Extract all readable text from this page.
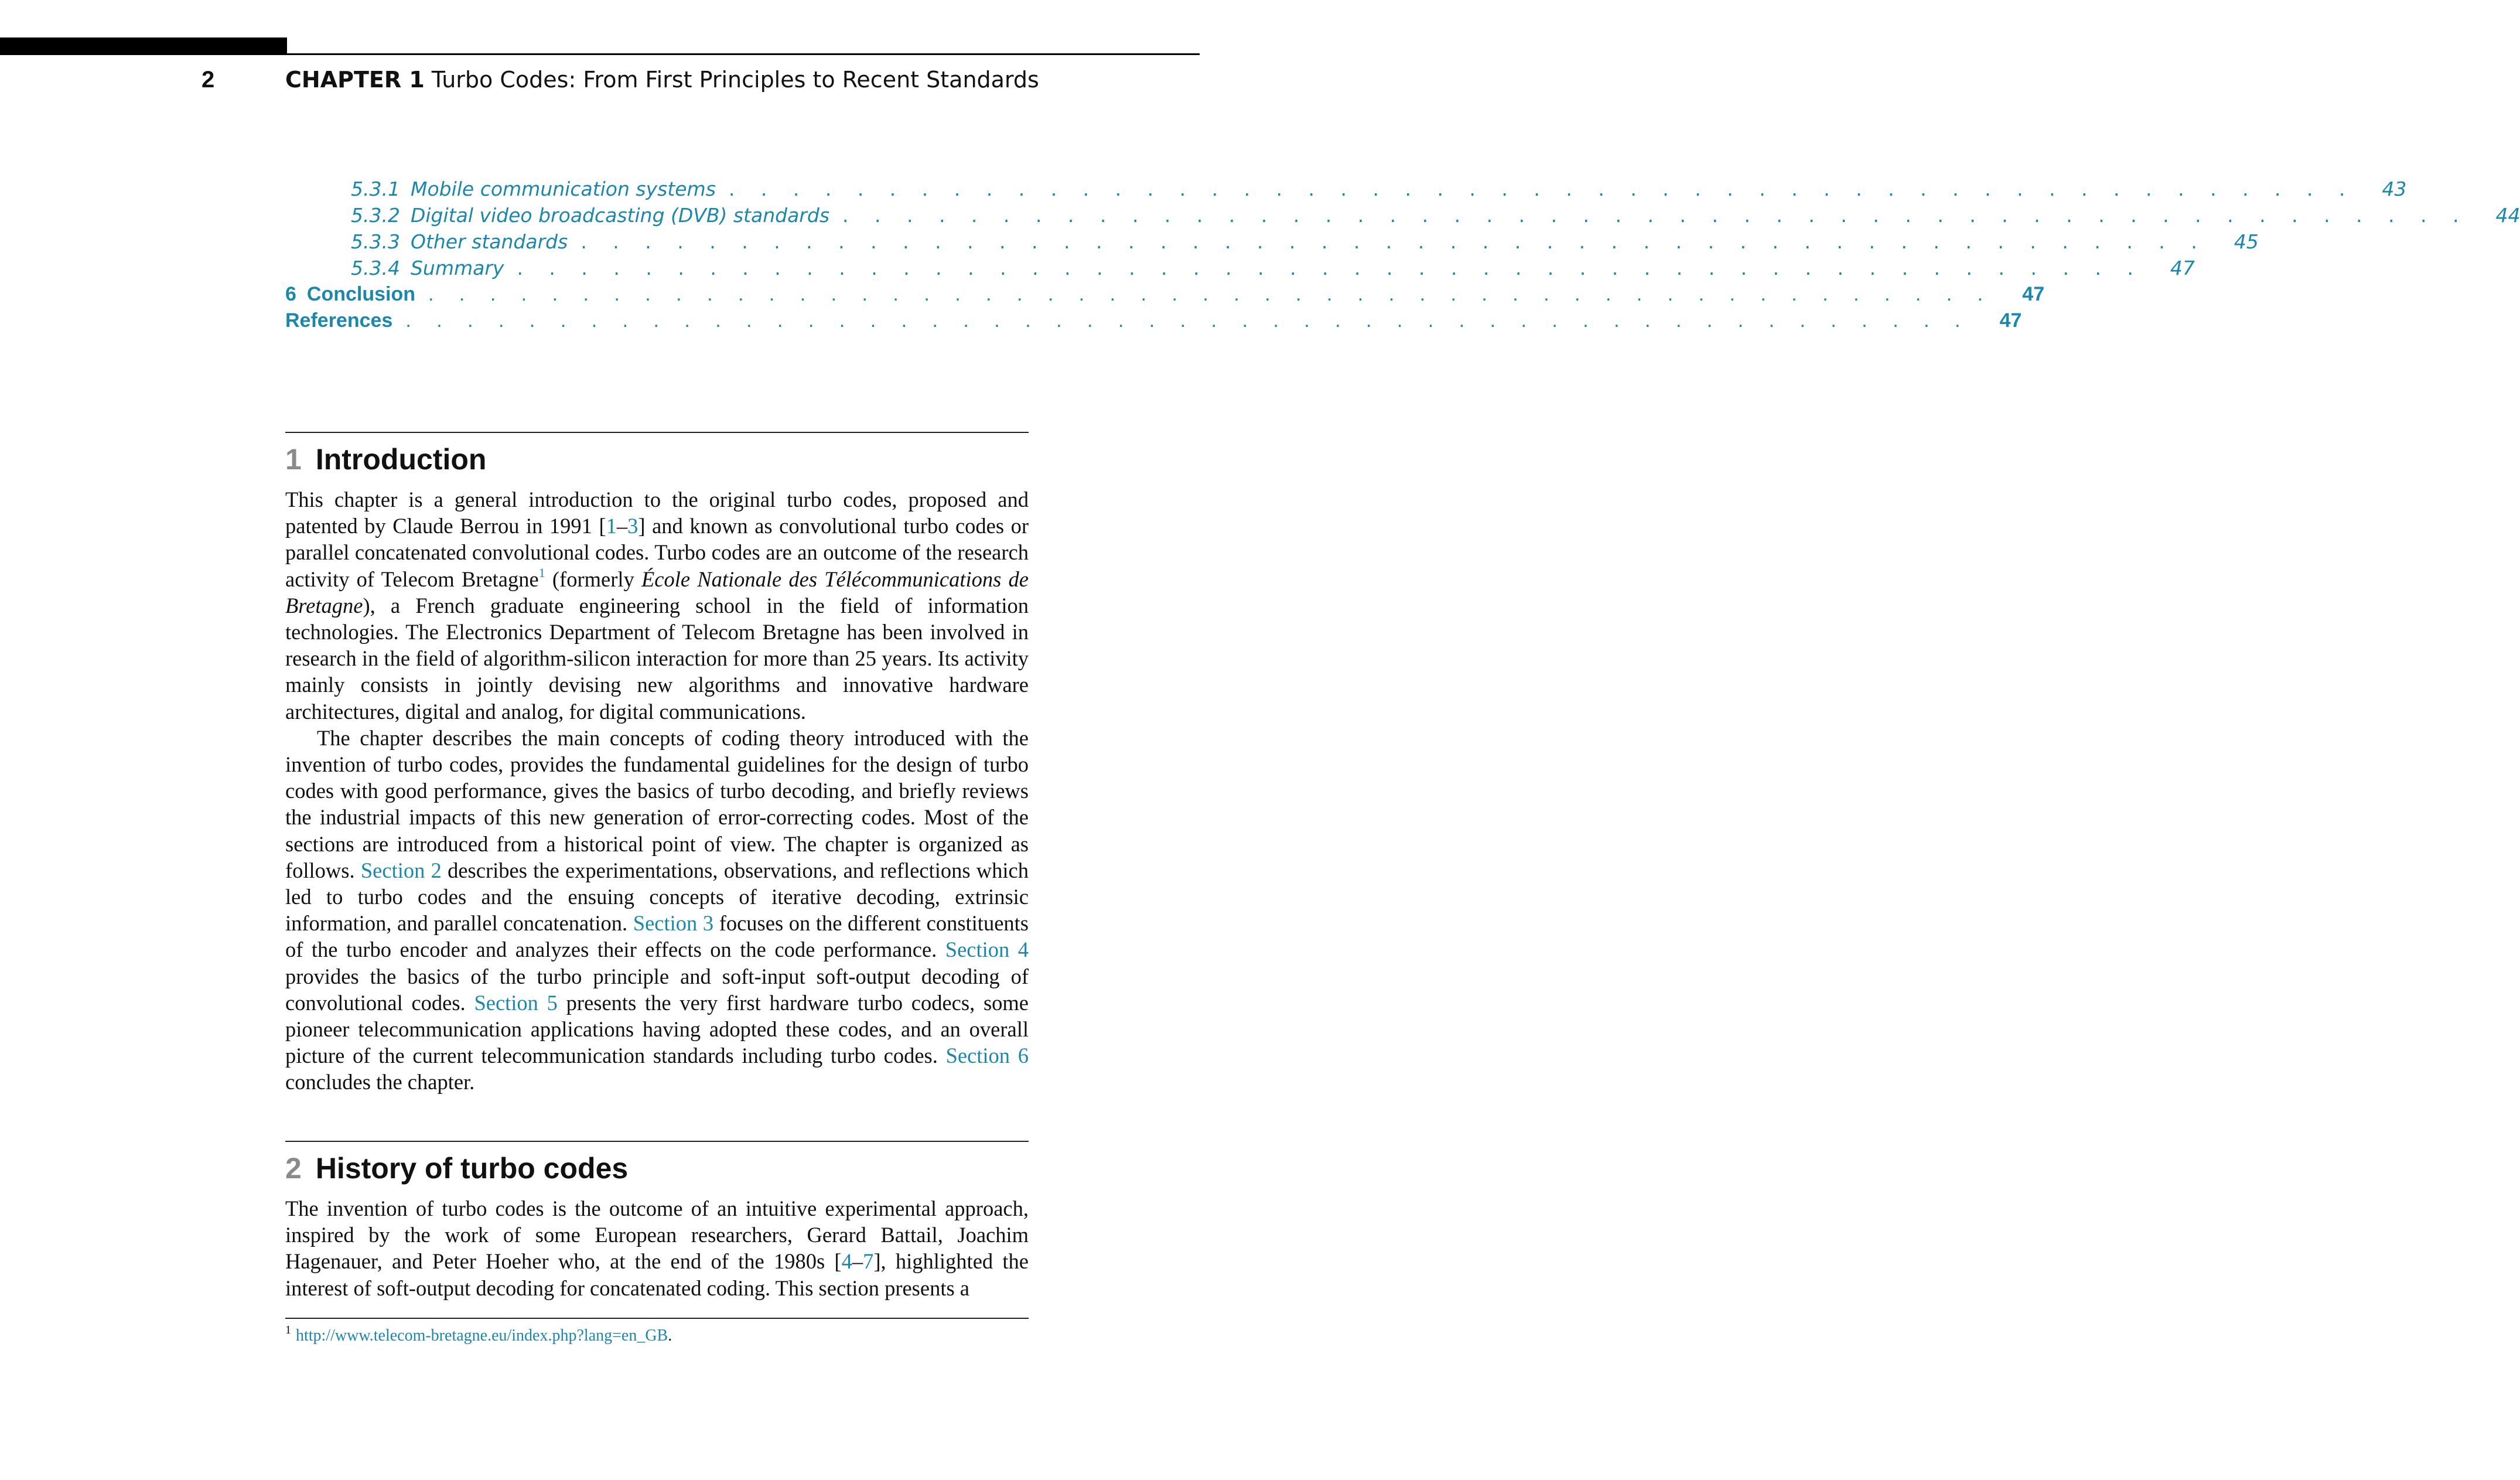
2	CHAPTER 1 Turbo Codes: From First Principles to Recent Standards
5.3.1 Mobile communication systems . . . . . . . . . . . . . . . . . . . . . . . . . . . . . . . . . . . . . . . . . . . . . . . . . . . 43
5.3.2 Digital video broadcasting (DVB) standards . . . . . . . . . . . . . . . . . . . . . . . . . . . . . . . . . . . . . . . . . . . . . . . . . . . 44
5.3.3 Other standards . . . . . . . . . . . . . . . . . . . . . . . . . . . . . . . . . . . . . . . . . . . . . . . . . . . 45
5.3.4 Summary . . . . . . . . . . . . . . . . . . . . . . . . . . . . . . . . . . . . . . . . . . . . . . . . . . . 47
6 Conclusion . . . . . . . . . . . . . . . . . . . . . . . . . . . . . . . . . . . . . . . . . . . . . . . . . . . 47
References . . . . . . . . . . . . . . . . . . . . . . . . . . . . . . . . . . . . . . . . . . . . . . . . . . . 47
1 Introduction

This chapter is a general introduction to the original turbo codes, proposed and patented by Claude Berrou in 1991 [1–3] and known as convolutional turbo codes or parallel concatenated convolutional codes. Turbo codes are an outcome of the research activity of Telecom Bretagne$^1$ (formerly École Nationale des Télécommunications de Bretagne), a French graduate engineering school in the field of information technologies. The Electronics Department of Telecom Bretagne has been involved in research in the field of algorithm-silicon interaction for more than 25 years. Its activity mainly consists in jointly devising new algorithms and innovative hardware architectures, digital and analog, for digital communications.

The chapter describes the main concepts of coding theory introduced with the invention of turbo codes, provides the fundamental guidelines for the design of turbo codes with good performance, gives the basics of turbo decoding, and briefly reviews the industrial impacts of this new generation of error-correcting codes. Most of the sections are introduced from a historical point of view. The chapter is organized as follows. Section 2 describes the experimentations, observations, and reflections which led to turbo codes and the ensuing concepts of iterative decoding, extrinsic information, and parallel concatenation. Section 3 focuses on the different constituents of the turbo encoder and analyzes their effects on the code performance. Section 4 provides the basics of the turbo principle and soft-input soft-output decoding of convolutional codes. Section 5 presents the very first hardware turbo codecs, some pioneer telecommunication applications having adopted these codes, and an overall picture of the current telecommunication standards including turbo codes. Section 6 concludes the chapter.

2 History of turbo codes

The invention of turbo codes is the outcome of an intuitive experimental approach, inspired by the work of some European researchers, Gerard Battail, Joachim Hagenauer, and Peter Hoeher who, at the end of the 1980s [4–7], highlighted the interest of soft-output decoding for concatenated coding. This section presents a

$^1$ http://www.telecom-bretagne.eu/index.php?lang=en_GB.
